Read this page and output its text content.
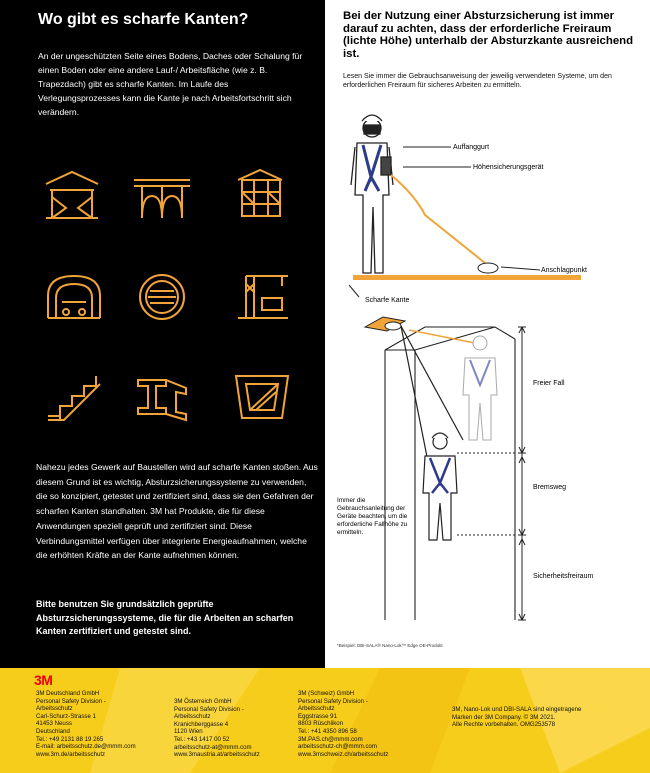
Wo gibt es scharfe Kanten?

An der ungeschützten Seite eines Bodens, Daches oder Schalung für einen Boden oder eine andere Lauf-/ Arbeitsfläche (wie z. B. Trapezdach) gibt es scharfe Kanten. Im Laufe des Verlegungsprozesses kann die Kante je nach Arbeitsfortschritt sich verändern.

Nahezu jedes Gewerk auf Baustellen wird auf scharfe Kanten stoßen. Aus diesem Grund ist es wichtig, Absturzsicherungssysteme zu verwenden, die so konzipiert, getestet und zertifiziert sind, dass sie den Gefahren der scharfen Kanten standhalten. 3M hat Produkte, die für diese Anwendungen speziell geprüft und zertifiziert sind. Diese Verbindungsmittel verfügen über integrierte Energieaufnahmen, welche die erhöhten Kräfte an der Kante aufnehmen können.

Bitte benutzen Sie grundsätzlich geprüfte Absturzsicherungssysteme, die für die Arbeiten an scharfen Kanten zertifiziert und getestet sind.

Bei der Nutzung einer Absturzsicherung ist immer darauf zu achten, dass der erforderliche Freiraum (lichte Höhe) unterhalb der Absturzkante ausreichend ist.

Lesen Sie immer die Gebrauchsanweisung der jeweilig verwendeten Systeme, um den erforderlichen Freiraum für sicheres Arbeiten zu ermitteln.

Auffanggurt
Höhensicherungsgerät
Anschlagpunkt
Scharfe Kante
Freier Fall
Bremsweg
Sicherheitsfreiraum
Immer die Gebrauchsanleitung der Geräte beachten, um die erforderliche Fallhöhe zu ermitteln.
*Beispiel: DBI-SALA® Nano-Lok™ Edge OE-Produkt
3M
3M Deutschland GmbH
Personal Safety Division -
Arbeitsschutz
Carl-Schurz-Strasse 1
41453 Neuss
Deutschland
Tel.: +49 2131 88 19 265
E-mail: arbeitsschutz.de@mmm.com
www.3m.de/arbeitsschutz
3M Österreich GmbH
Personal Safety Division -
Arbeitsschutz
Kranichberggasse 4
1120 Wien
Tel.: +43 1417 00 52
arbeitsschutz-at@mmm.com
www.3maustria.at/arbeitsschutz
3M (Schweiz) GmbH
Personal Safety Division -
Arbeitsschutz
Eggstrasse 91
8803 Rüschlikon
Tel.: +41 4350 896 58
3M.PAS.ch@mmm.com
arbeitsschutz-ch@mmm.com
www.3mschweiz.ch/arbeitsschutz
3M, Nano-Lok und DBI-SALA sind eingetragene
Marken der 3M Company. © 3M 2021.
Alle Rechte vorbehalten. OMG253578
